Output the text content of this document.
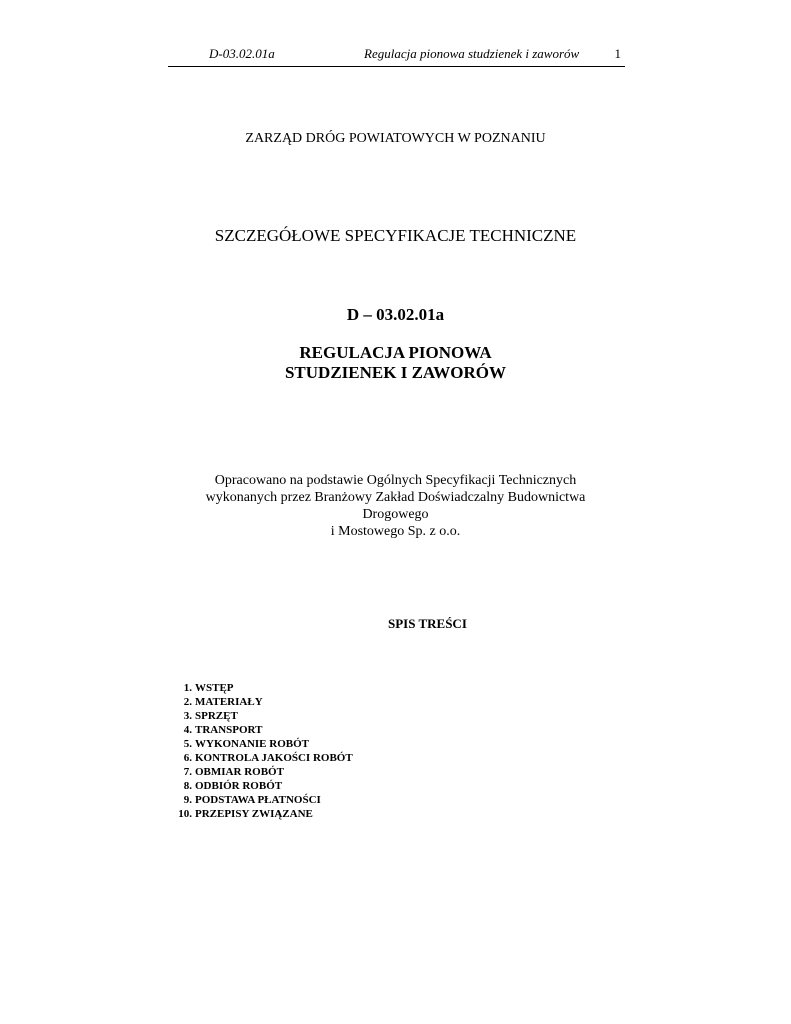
D-03.02.01a	Regulacja pionowa studzienek i zaworów	1
ZARZĄD DRÓG POWIATOWYCH W POZNANIU
SZCZEGÓŁOWE SPECYFIKACJE TECHNICZNE
D – 03.02.01a
REGULACJA PIONOWA
STUDZIENEK I ZAWORÓW
Opracowano na podstawie Ogólnych Specyfikacji Technicznych
wykonanych przez Branżowy Zakład Doświadczalny Budownictwa
Drogowego
i Mostowego Sp. z o.o.
SPIS TREŚCI
1. WSTĘP
2. MATERIAŁY
3. SPRZĘT
4. TRANSPORT
5. WYKONANIE ROBÓT
6. KONTROLA JAKOŚCI ROBÓT
7. OBMIAR ROBÓT
8. ODBIÓR ROBÓT
9. PODSTAWA PŁATNOŚCI
10. PRZEPISY ZWIĄZANE
